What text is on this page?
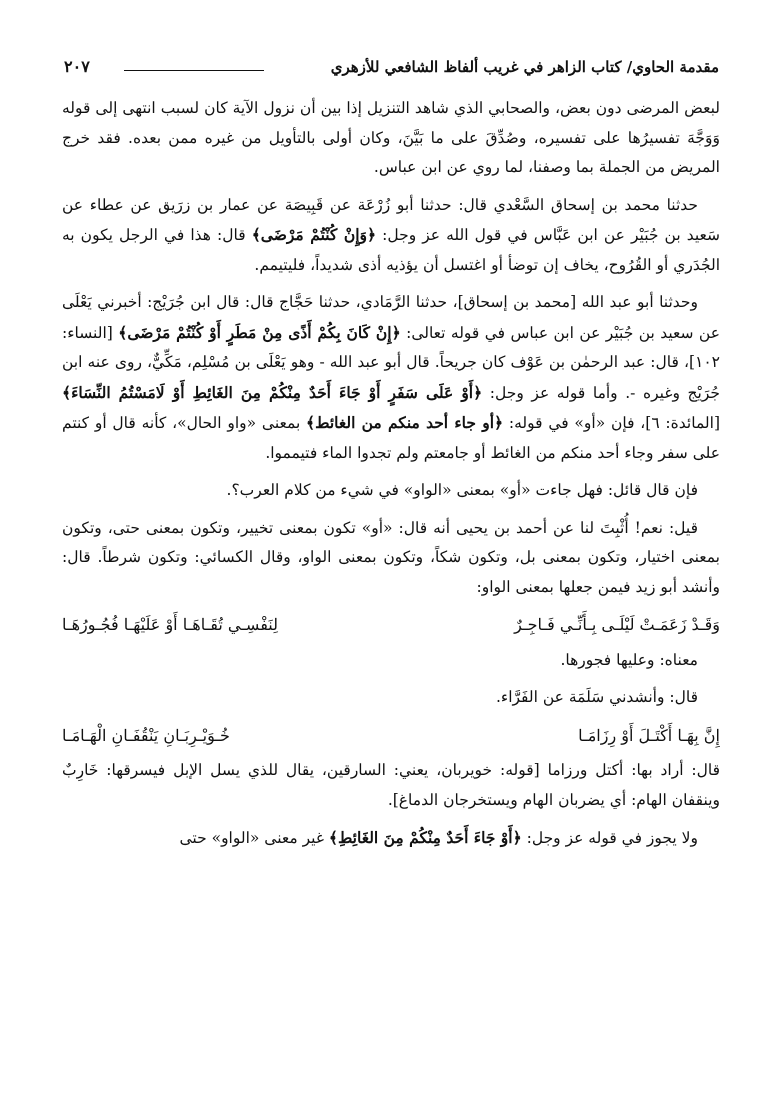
مقدمة الحاوي/ كتاب الزاهر في غريب ألفاظ الشافعي للأزهري
٢٠٧

لبعض المرضى دون بعض، والصحابي الذي شاهد التنزيل إذا بين أن نزول الآية كان لسبب انتهى إلى قوله وَوَجَّهَ تفسيرُها على تفسيره، وصُدِّقَ على ما بَيَّنَ، وكان أولى بالتأويل من غيره ممن بعده. فقد خرج المريض من الجملة بما وصفنا، لما روي عن ابن عباس.

حدثنا محمد بن إسحاق السَّعْدي قال: حدثنا أبو زُرْعَة عن قَبِيصَة عن عمار بن زرَيق عن عطاء عن سَعيد بن جُبَيْر عن ابن عَبَّاس في قول الله عز وجل: ﴿وَإِنْ كُنْتُمْ مَرْضَى﴾ قال: هذا في الرجل يكون به الجُدَري أو القُرُوح، يخاف إن توضأ أو اغتسل أن يؤذيه أذى شديداً، فليتيمم.

وحدثنا أبو عبد الله [محمد بن إسحاق]، حدثنا الرَّمَادي، حدثنا حَجَّاج قال: قال ابن جُرَيْج: أخبرني يَعْلَى عن سعيد بن جُبَيْر عن ابن عباس في قوله تعالى: ﴿إِنْ كَانَ بِكُمْ أَذًى مِنْ مَطَرٍ أَوْ كُنْتُمْ مَرْضَى﴾ [النساء: ١٠٢]، قال: عبد الرحمٰن بن عَوْف كان جريحاً. قال أبو عبد الله - وهو يَعْلَى بن مُسْلِم، مَكِّيٌّ، روى عنه ابن جُرَيْج وغيره -. وأما قوله عز وجل: ﴿أَوْ عَلَى سَفَرٍ أَوْ جَاءَ أَحَدٌ مِنْكُمْ مِنَ الغَائِطِ أَوْ لَامَسْتُمُ النِّسَاءَ﴾ [المائدة: ٦]، فإن «أو» في قوله: ﴿أو جاء أحد منكم من الغائط﴾ بمعنى «واو الحال»، كأنه قال أو كنتم على سفر وجاء أحد منكم من الغائط أو جامعتم ولم تجدوا الماء فتيمموا.

فإن قال قائل: فهل جاءت «أو» بمعنى «الواو» في شيء من كلام العرب؟.

قيل: نعم! أُثْبِتَ لنا عن أحمد بن يحيى أنه قال: «أو» تكون بمعنى تخيير، وتكون بمعنى حتى، وتكون بمعنى اختيار، وتكون بمعنى بل، وتكون شكاً، وتكون بمعنى الواو، وقال الكسائي: وتكون شرطاً. قال: وأنشد أبو زيد فيمن جعلها بمعنى الواو:

وَقَـدْ زَعَمَـتْ لَيْلَـى بِـأَنِّـي فَـاجِـرٌ
لِنَفْسِـي تُقَـاهَـا أَوْ عَلَيْهَـا فُجُـورُهَـا

معناه: وعليها فجورها.

قال: وأنشدني سَلَمَة عن الفَرَّاء.

إِنَّ بِهَـا أَكْتَـلَ أَوْ رِزَامَـا
خُـوَيْـرِبَـانِ يَنْقُفَـانِ الْهَـامَـا

قال: أراد بها: أكتل ورزاما [قوله: خويربان، يعني: السارقين، يقال للذي يسل الإبل فيسرقها: خَارِبٌ وينقفان الهام: أي يضربان الهام ويستخرجان الدماغ].

ولا يجوز في قوله عز وجل: ﴿أَوْ جَاءَ أَحَدٌ مِنْكُمْ مِنَ الغَائِطِ﴾ غير معنى «الواو» حتى
